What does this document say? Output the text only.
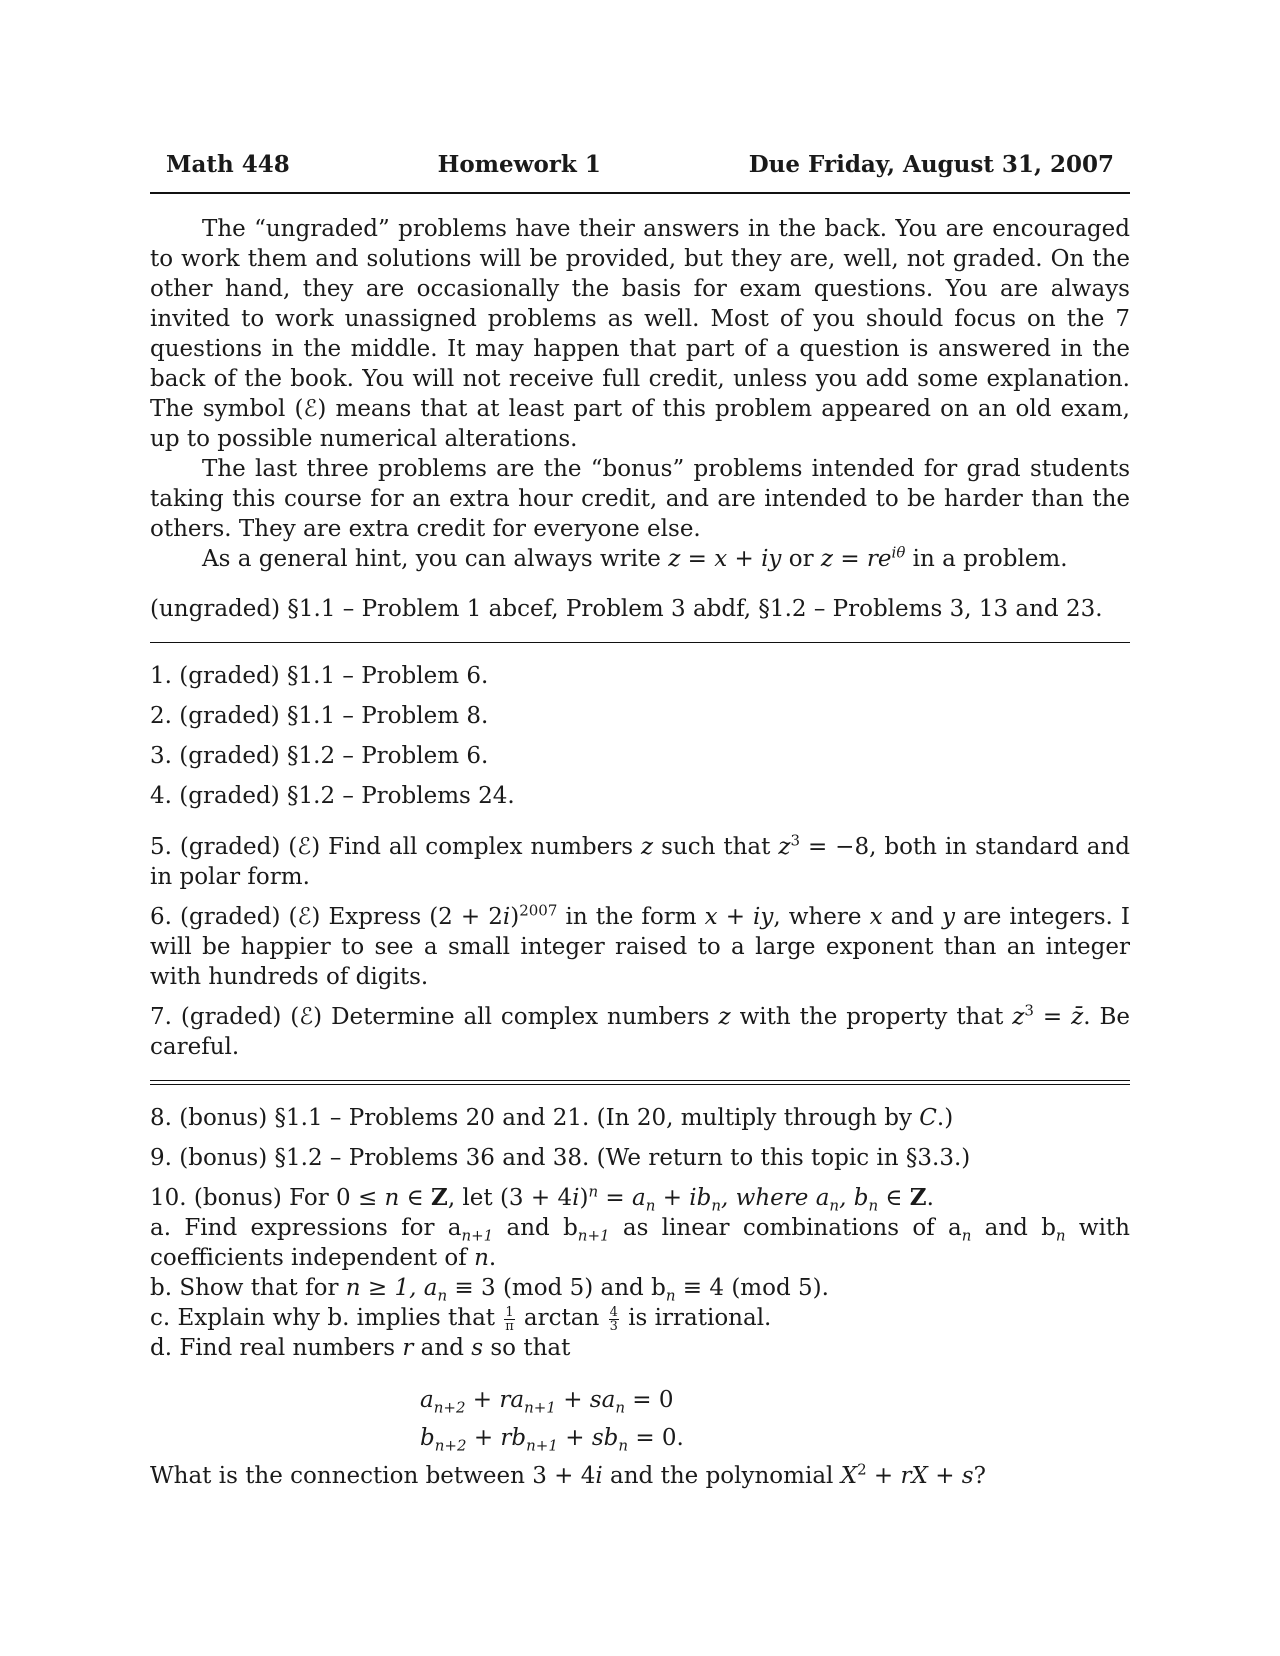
Math 448	Homework 1	Due Friday, August 31, 2007

The “ungraded” problems have their answers in the back. You are encouraged to work them and solutions will be provided, but they are, well, not graded. On the other hand, they are occasionally the basis for exam questions. You are always invited to work unassigned problems as well. Most of you should focus on the 7 questions in the middle. It may happen that part of a question is answered in the back of the book. You will not receive full credit, unless you add some explanation. The symbol (ℰ) means that at least part of this problem appeared on an old exam, up to possible numerical alterations.

The last three problems are the “bonus” problems intended for grad students taking this course for an extra hour credit, and are intended to be harder than the others. They are extra credit for everyone else.

As a general hint, you can always write z = x + iy or $z = re^{i\theta}$ in a problem.

(ungraded) §1.1 – Problem 1 abcef, Problem 3 abdf, §1.2 – Problems 3, 13 and 23.

1. (graded) §1.1 – Problem 6.

2. (graded) §1.1 – Problem 8.

3. (graded) §1.2 – Problem 6.

4. (graded) §1.2 – Problems 24.

5. (graded) (ℰ) Find all complex numbers z such that $z^3 = -8$, both in standard and in polar form.

6. (graded) (ℰ) Express $(2 + 2i)^{2007}$ in the form x + iy, where x and y are integers. I will be happier to see a small integer raised to a large exponent than an integer with hundreds of digits.

7. (graded) (ℰ) Determine all complex numbers z with the property that $z^3$ = z̄. Be careful.

8. (bonus) §1.1 – Problems 20 and 21. (In 20, multiply through by C.)

9. (bonus) §1.2 – Problems 36 and 38. (We return to this topic in §3.3.)

10. (bonus) For 0 ≤ n ∈ Z, let $(3 + 4i)^n = a_n + ib_n$, where $a_n$, $b_n$ ∈ Z.

a. Find expressions for $a_{n+1}$ and $b_{n+1}$ as linear combinations of $a_n$ and $b_n$ with coefficients independent of n.

b. Show that for n ≥ 1, $a_n \equiv 3$ (mod 5) and $b_n \equiv 4$ (mod 5).

c. Explain why b. implies that $\frac{1}{\pi}$ $\arctan \frac{4}{3}$ is irrational.

d. Find real numbers r and s so that

$a_{n+2} + ra_{n+1} + sa_n = 0$
$b_{n+2} + rb_{n+1} + sb_n = 0$.

What is the connection between 3 + 4i and the polynomial $X^2$ + rX + s?
